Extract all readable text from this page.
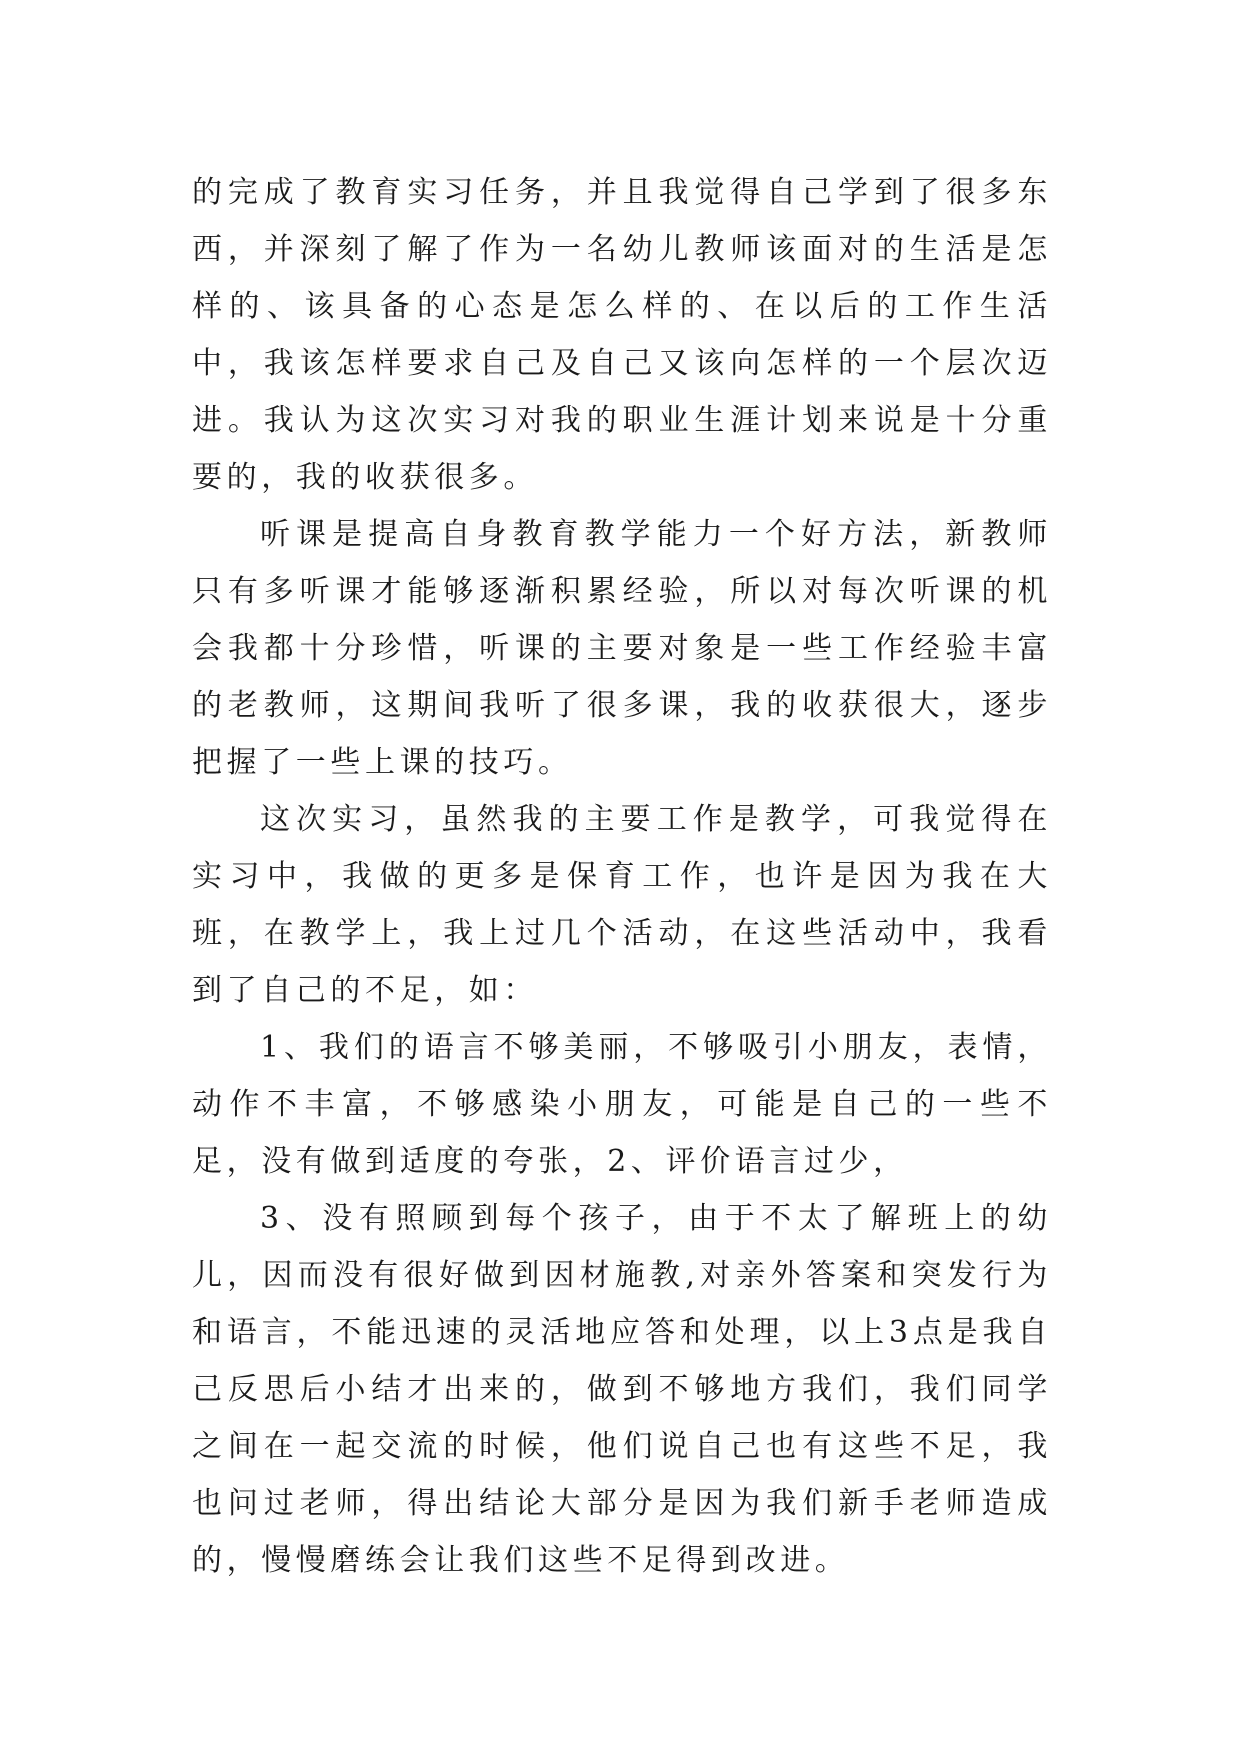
的完成了教育实习任务，并且我觉得自己学到了很多东西，并深刻了解了作为一名幼儿教师该面对的生活是怎样的、该具备的心态是怎么样的、在以后的工作生活中，我该怎样要求自己及自己又该向怎样的一个层次迈进。我认为这次实习对我的职业生涯计划来说是十分重要的，我的收获很多。

听课是提高自身教育教学能力一个好方法，新教师只有多听课才能够逐渐积累经验，所以对每次听课的机会我都十分珍惜，听课的主要对象是一些工作经验丰富的老教师，这期间我听了很多课，我的收获很大，逐步把握了一些上课的技巧。

这次实习，虽然我的主要工作是教学，可我觉得在实习中，我做的更多是保育工作，也许是因为我在大班，在教学上，我上过几个活动，在这些活动中，我看到了自己的不足，如：

1、我们的语言不够美丽，不够吸引小朋友，表情，动作不丰富，不够感染小朋友，可能是自己的一些不足，没有做到适度的夸张，2、评价语言过少，

3、没有照顾到每个孩子，由于不太了解班上的幼儿，因而没有很好做到因材施教,对亲外答案和突发行为和语言，不能迅速的灵活地应答和处理，以上3点是我自己反思后小结才出来的，做到不够地方我们，我们同学之间在一起交流的时候，他们说自己也有这些不足，我也问过老师，得出结论大部分是因为我们新手老师造成的，慢慢磨练会让我们这些不足得到改进。
